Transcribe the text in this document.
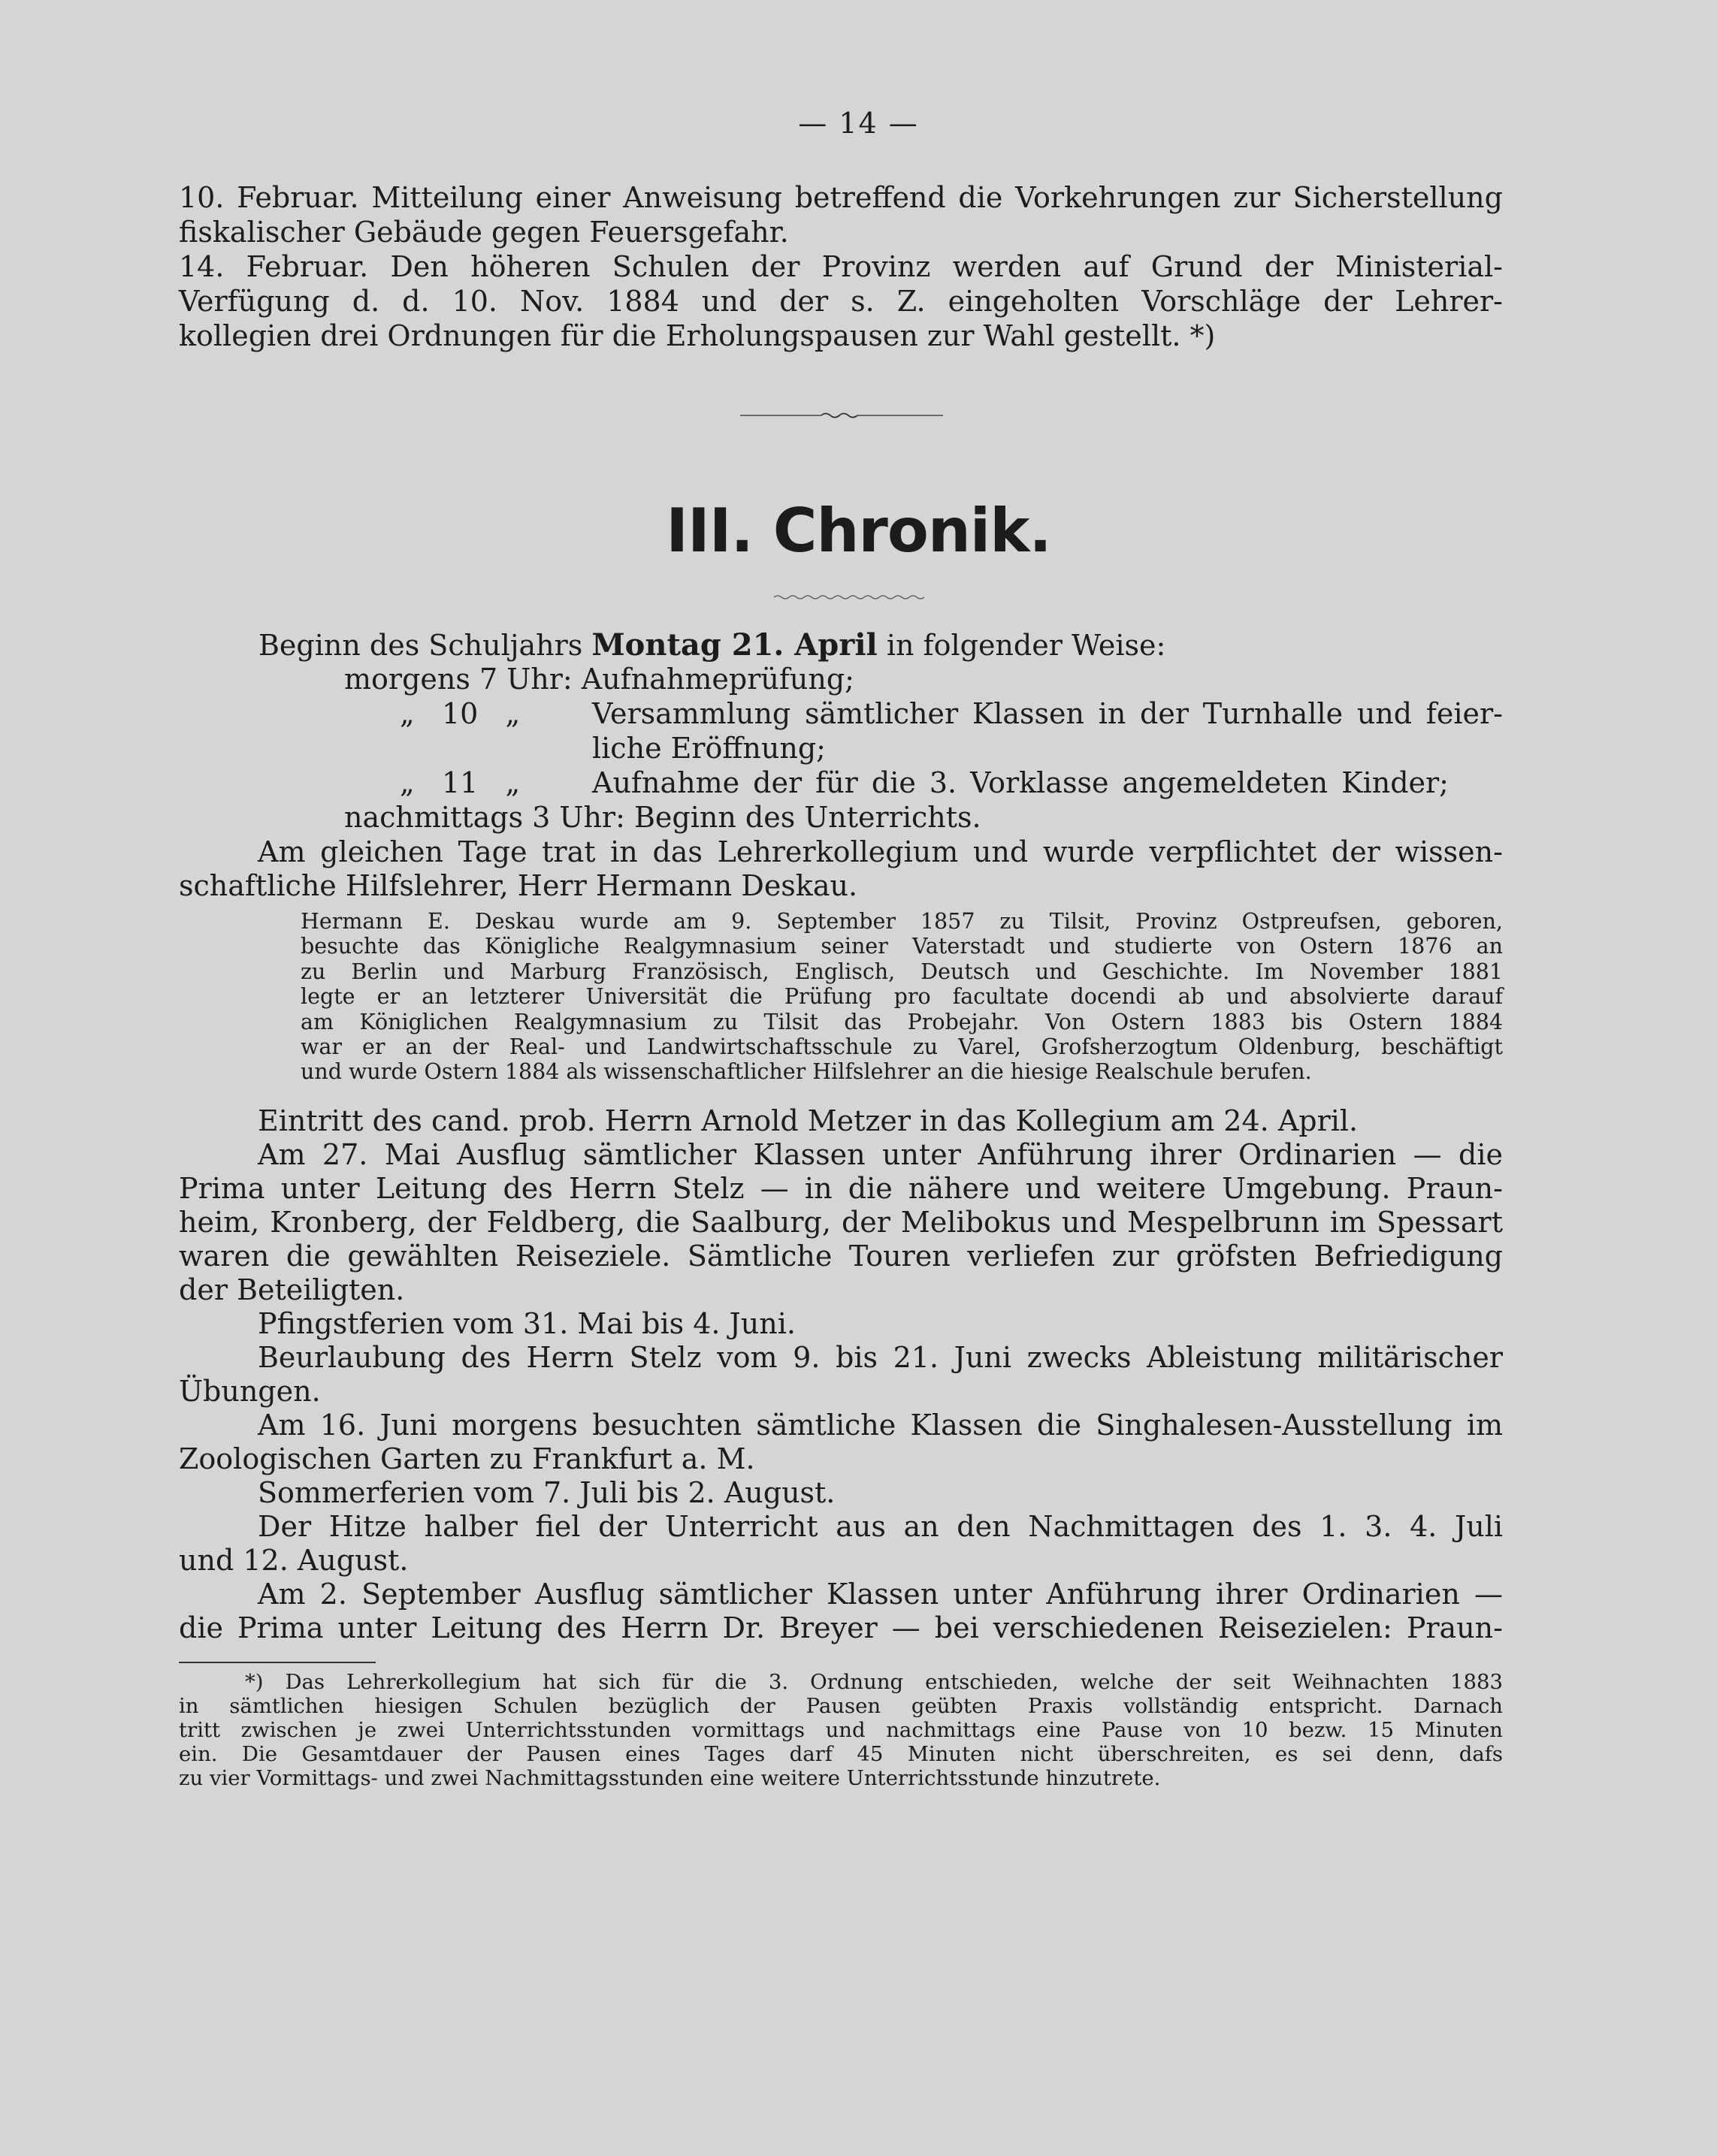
— 14 —

10. Februar. Mitteilung einer Anweisung betreffend die Vorkehrungen zur Sicherstellung

fiskalischer Gebäude gegen Feuersgefahr.

14. Februar. Den höheren Schulen der Provinz werden auf Grund der Ministerial-

Verfügung d. d. 10. Nov. 1884 und der s. Z. eingeholten Vorschläge der Lehrer-

kollegien drei Ordnungen für die Erholungspausen zur Wahl gestellt. *)

III. Chronik.
Beginn des Schuljahrs Montag 21. April in folgender Weise:
morgens 7 Uhr: Aufnahmeprüfung;
„ 10 „	Versammlung sämtlicher Klassen in der Turnhalle und feier-
liche Eröffnung;
„ 11 „	Aufnahme der für die 3. Vorklasse angemeldeten Kinder;
nachmittags 3 Uhr: Beginn des Unterrichts.

Am gleichen Tage trat in das Lehrerkollegium und wurde verpflichtet der wissen-

schaftliche Hilfslehrer, Herr Hermann Deskau.

Hermann E. Deskau wurde am 9. September 1857 zu Tilsit, Provinz Ostpreufsen, geboren,

besuchte das Königliche Realgymnasium seiner Vaterstadt und studierte von Ostern 1876 an

zu Berlin und Marburg Französisch, Englisch, Deutsch und Geschichte. Im November 1881

legte er an letzterer Universität die Prüfung pro facultate docendi ab und absolvierte darauf

am Königlichen Realgymnasium zu Tilsit das Probejahr. Von Ostern 1883 bis Ostern 1884

war er an der Real- und Landwirtschaftsschule zu Varel, Grofsherzogtum Oldenburg, beschäftigt

und wurde Ostern 1884 als wissenschaftlicher Hilfslehrer an die hiesige Realschule berufen.

Eintritt des cand. prob. Herrn Arnold Metzer in das Kollegium am 24. April.

Am 27. Mai Ausflug sämtlicher Klassen unter Anführung ihrer Ordinarien — die

Prima unter Leitung des Herrn Stelz — in die nähere und weitere Umgebung. Praun-

heim, Kronberg, der Feldberg, die Saalburg, der Melibokus und Mespelbrunn im Spessart

waren die gewählten Reiseziele. Sämtliche Touren verliefen zur gröfsten Befriedigung

der Beteiligten.

Pfingstferien vom 31. Mai bis 4. Juni.

Beurlaubung des Herrn Stelz vom 9. bis 21. Juni zwecks Ableistung militärischer

Übungen.

Am 16. Juni morgens besuchten sämtliche Klassen die Singhalesen-Ausstellung im

Zoologischen Garten zu Frankfurt a. M.

Sommerferien vom 7. Juli bis 2. August.

Der Hitze halber fiel der Unterricht aus an den Nachmittagen des 1. 3. 4. Juli

und 12. August.

Am 2. September Ausflug sämtlicher Klassen unter Anführung ihrer Ordinarien —

die Prima unter Leitung des Herrn Dr. Breyer — bei verschiedenen Reisezielen: Praun-

*) Das Lehrerkollegium hat sich für die 3. Ordnung entschieden, welche der seit Weihnachten 1883

in sämtlichen hiesigen Schulen bezüglich der Pausen geübten Praxis vollständig entspricht. Darnach

tritt zwischen je zwei Unterrichtsstunden vormittags und nachmittags eine Pause von 10 bezw. 15 Minuten

ein. Die Gesamtdauer der Pausen eines Tages darf 45 Minuten nicht überschreiten, es sei denn, dafs

zu vier Vormittags- und zwei Nachmittagsstunden eine weitere Unterrichtsstunde hinzutrete.
